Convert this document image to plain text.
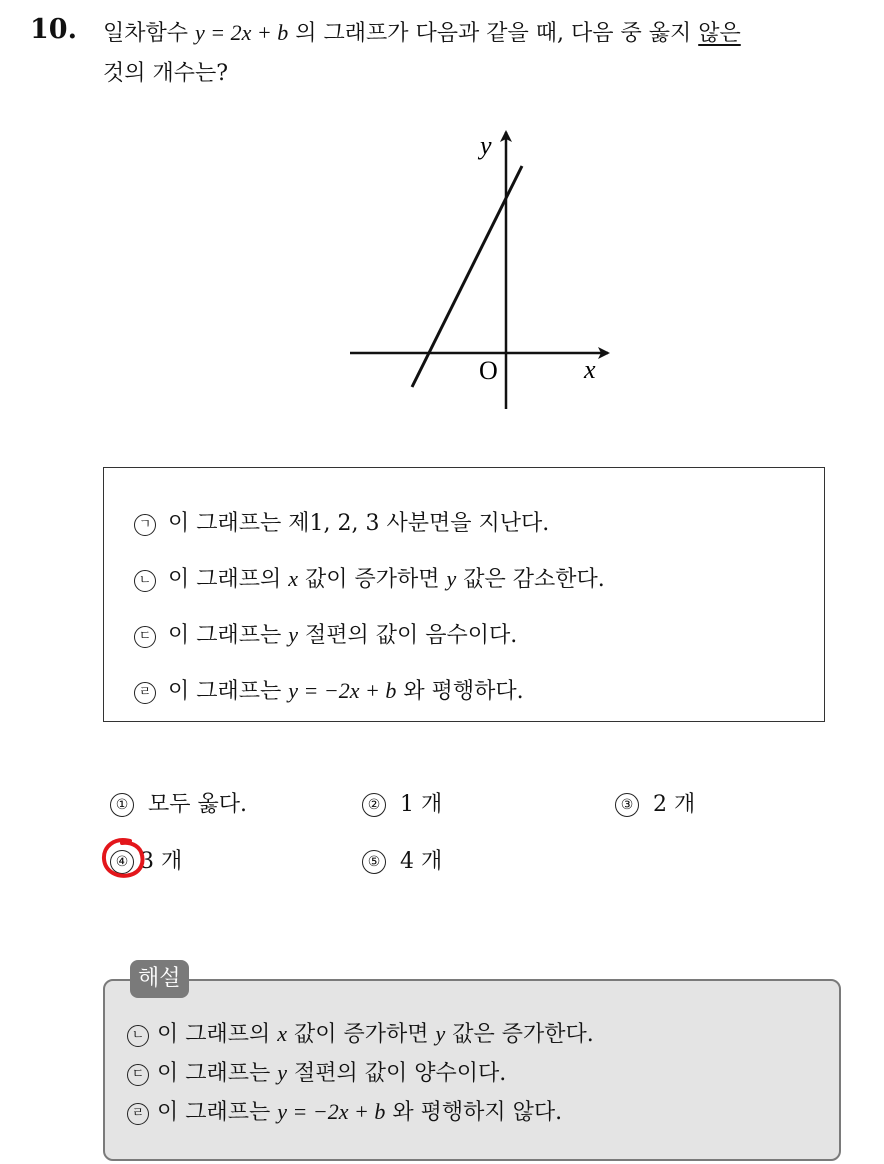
10. 일차함수 y = 2x + b 의 그래프가 다음과 같을 때, 다음 중 옳지 않은
것의 개수는?
y
x
O
ㄱ 이 그래프는 제1, 2, 3 사분면을 지난다.
ㄴ 이 그래프의 x 값이 증가하면 y 값은 감소한다.
ㄷ 이 그래프는 y 절편의 값이 음수이다.
ㄹ 이 그래프는 y = −2x + b 와 평행하다.
① 모두 옳다.	② 1 개	③ 2 개
④ 3 개	⑤ 4 개
ㄴ 이 그래프의 x 값이 증가하면 y 값은 증가한다.
ㄷ 이 그래프는 y 절편의 값이 양수이다.
ㄹ 이 그래프는 y = −2x + b 와 평행하지 않다.
해설
